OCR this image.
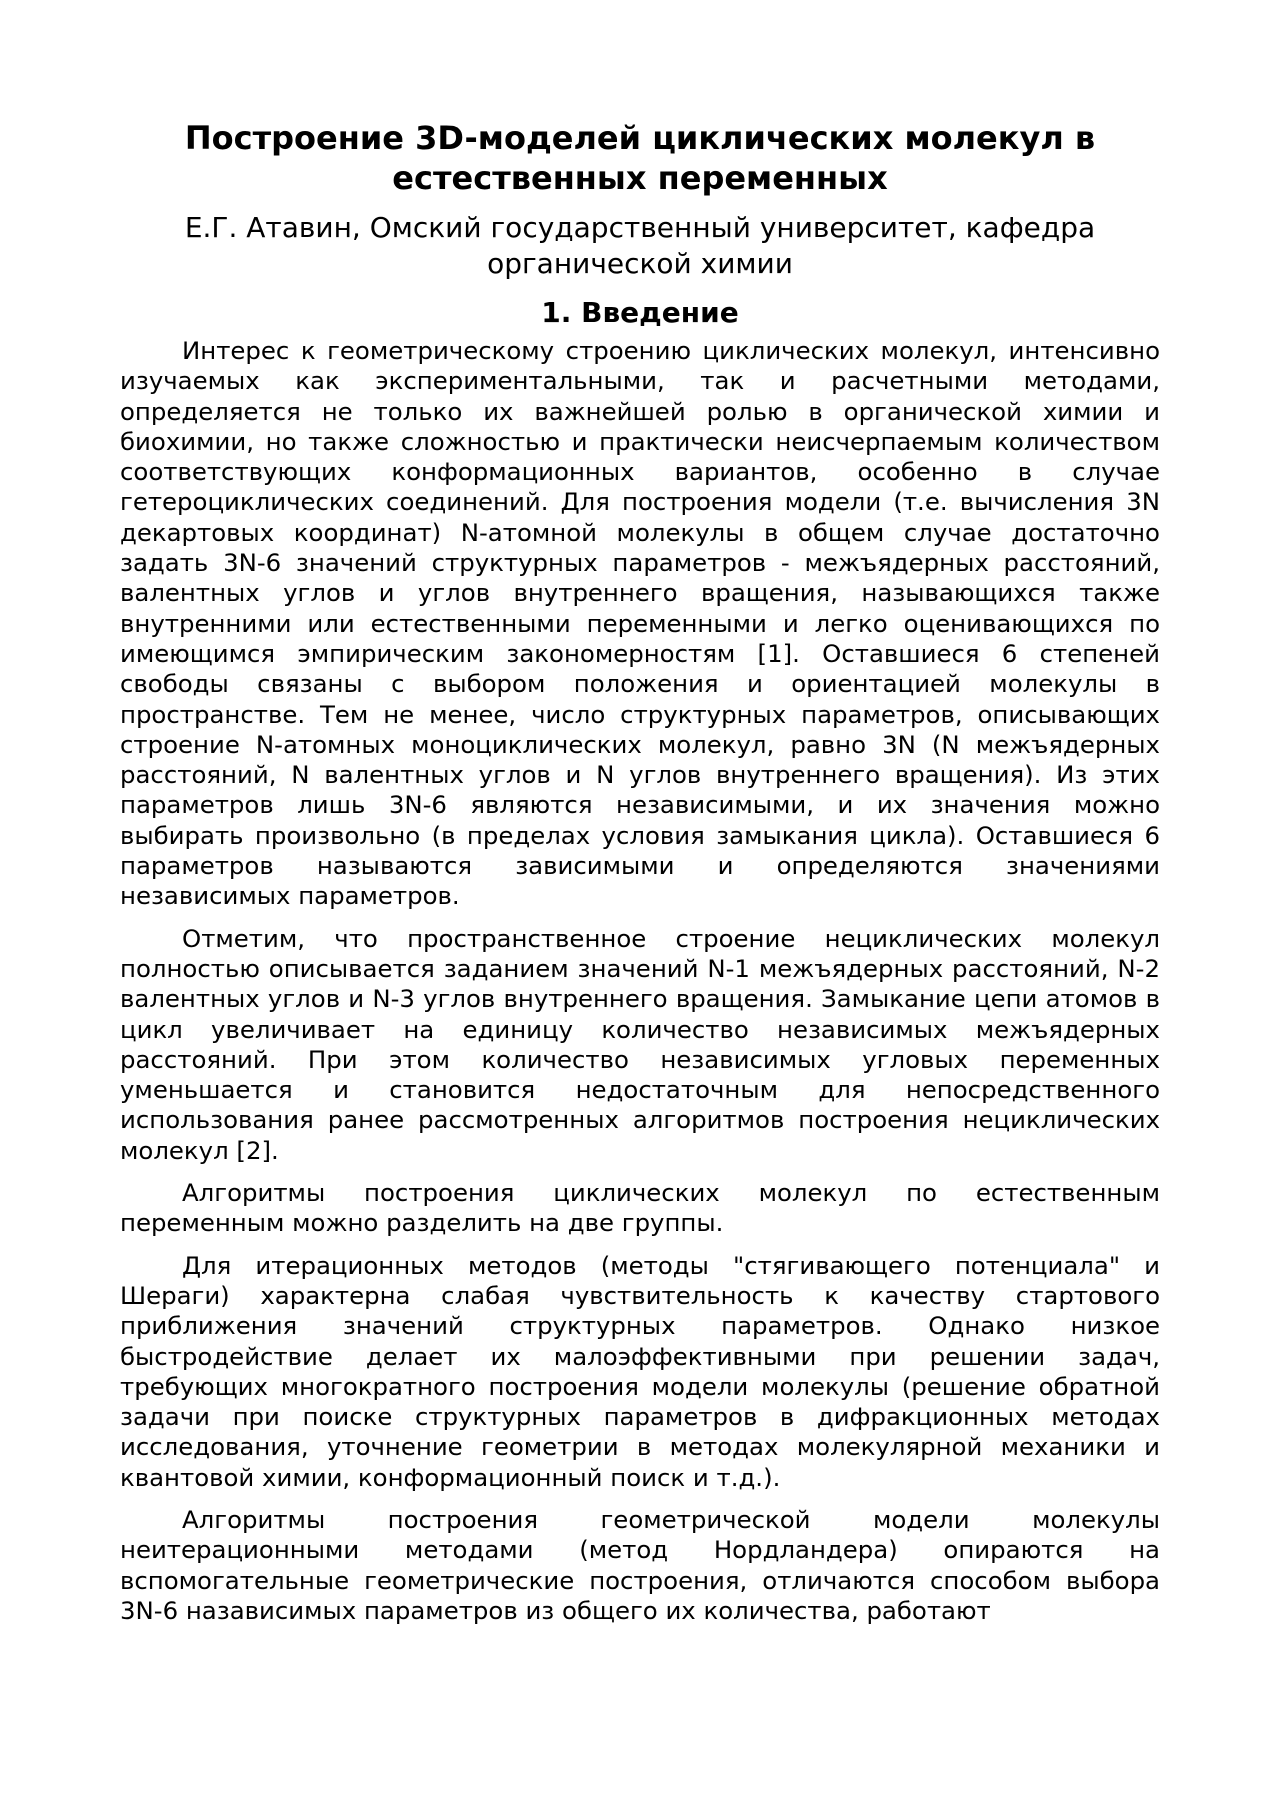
Построение 3D-моделей циклических молекул в естественных переменных
Е.Г. Атавин, Омский государственный университет, кафедра органической химии
1. Введение

Интерес к геометрическому строению циклических молекул, интенсивно изучаемых как экспериментальными, так и расчетными методами, определяется не только их важнейшей ролью в органической химии и биохимии, но также сложностью и практически неисчерпаемым количеством соответствующих конформационных вариантов, особенно в случае гетероциклических соединений. Для построения модели (т.е. вычисления 3N декартовых координат) N-атомной молекулы в общем случае достаточно задать 3N-6 значений структурных параметров - межъядерных расстояний, валентных углов и углов внутреннего вращения, называющихся также внутренними или естественными переменными и легко оценивающихся по имеющимся эмпирическим закономерностям [1]. Оставшиеся 6 степеней свободы связаны с выбором положения и ориентацией молекулы в пространстве. Тем не менее, число структурных параметров, описывающих строение N-атомных моноциклических молекул, равно 3N (N межъядерных расстояний, N валентных углов и N углов внутреннего вращения). Из этих параметров лишь 3N-6 являются независимыми, и их значения можно выбирать произвольно (в пределах условия замыкания цикла). Оставшиеся 6 параметров называются зависимыми и определяются значениями независимых параметров.

Отметим, что пространственное строение нециклических молекул полностью описывается заданием значений N-1 межъядерных расстояний, N-2 валентных углов и N-3 углов внутреннего вращения. Замыкание цепи атомов в цикл увеличивает на единицу количество независимых межъядерных расстояний. При этом количество независимых угловых переменных уменьшается и становится недостаточным для непосредственного использования ранее рассмотренных алгоритмов построения нециклических молекул [2].

Алгоритмы построения циклических молекул по естественным переменным можно разделить на две группы.

Для итерационных методов (методы "стягивающего потенциала" и Шераги) характерна слабая чувствительность к качеству стартового приближения значений структурных параметров. Однако низкое быстродействие делает их малоэффективными при решении задач, требующих многократного построения модели молекулы (решение обратной задачи при поиске структурных параметров в дифракционных методах исследования, уточнение геометрии в методах молекулярной механики и квантовой химии, конформационный поиск и т.д.).

Алгоритмы построения геометрической модели молекулы неитерационными методами (метод Нордландера) опираются на вспомогательные геометрические построения, отличаются способом выбора 3N-6 назависимых параметров из общего их количества, работают
